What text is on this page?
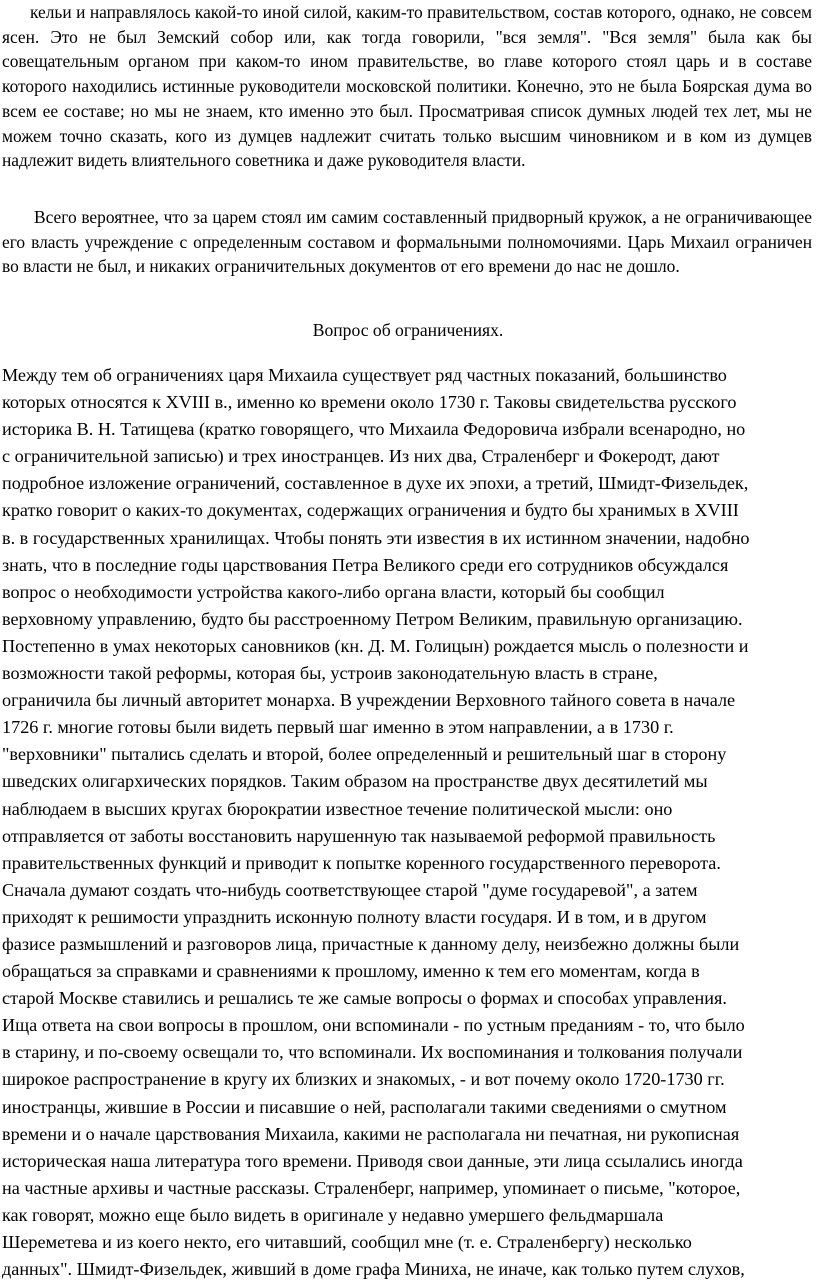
кельи и направлялось какой-то иной силой, каким-то правительством, состав которого, однако, не совсем ясен. Это не был Земский собор или, как тогда говорили, "вся земля". "Вся земля" была как бы совещательным органом при каком-то ином правительстве, во главе которого стоял царь и в составе которого находились истинные руководители московской политики. Конечно, это не была Боярская дума во всем ее составе; но мы не знаем, кто именно это был. Просматривая список думных людей тех лет, мы не можем точно сказать, кого из думцев надлежит считать только высшим чиновником и в ком из думцев надлежит видеть влиятельного советника и даже руководителя власти.

Всего вероятнее, что за царем стоял им самим составленный придворный кружок, а не ограничивающее его власть учреждение с определенным составом и формальными полномочиями. Царь Михаил ограничен во власти не был, и никаких ограничительных документов от его времени до нас не дошло.

Вопрос об ограничениях.
Между тем об ограничениях царя Михаила существует ряд частных показаний, большинство
которых относятся к XVIII в., именно ко времени около 1730 г. Таковы свидетельства русского
историка В. Н. Татищева (кратко говорящего, что Михаила Федоровича избрали всенародно, но
с ограничительной записью) и трех иностранцев. Из них два, Страленберг и Фокеродт, дают
подробное изложение ограничений, составленное в духе их эпохи, а третий, Шмидт-Физельдек,
кратко говорит о каких-то документах, содержащих ограничения и будто бы хранимых в XVIII
в. в государственных хранилищах. Чтобы понять эти известия в их истинном значении, надобно
знать, что в последние годы царствования Петра Великого среди его сотрудников обсуждался
вопрос о необходимости устройства какого-либо органа власти, который бы сообщил
верховному управлению, будто бы расстроенному Петром Великим, правильную организацию.
Постепенно в умах некоторых сановников (кн. Д. М. Голицын) рождается мысль о полезности и
возможности такой реформы, которая бы, устроив законодательную власть в стране,
ограничила бы личный авторитет монарха. В учреждении Верховного тайного совета в начале
1726 г. многие готовы были видеть первый шаг именно в этом направлении, а в 1730 г.
"верховники" пытались сделать и второй, более определенный и решительный шаг в сторону
шведских олигархических порядков. Таким образом на пространстве двух десятилетий мы
наблюдаем в высших кругах бюрократии известное течение политической мысли: оно
отправляется от заботы восстановить нарушенную так называемой реформой правильность
правительственных функций и приводит к попытке коренного государственного переворота.
Сначала думают создать что-нибудь соответствующее старой "думе государевой", а затем
приходят к решимости упразднить исконную полноту власти государя. И в том, и в другом
фазисе размышлений и разговоров лица, причастные к данному делу, неизбежно должны были
обращаться за справками и сравнениями к прошлому, именно к тем его моментам, когда в
старой Москве ставились и решались те же самые вопросы о формах и способах управления.
Ища ответа на свои вопросы в прошлом, они вспоминали - по устным преданиям - то, что было
в старину, и по-своему освещали то, что вспоминали. Их воспоминания и толкования получали
широкое распространение в кругу их близких и знакомых, - и вот почему около 1720-1730 гг.
иностранцы, жившие в России и писавшие о ней, располагали такими сведениями о смутном
времени и о начале царствования Михаила, какими не располагала ни печатная, ни рукописная
историческая наша литература того времени. Приводя свои данные, эти лица ссылались иногда
на частные архивы и частные рассказы. Страленберг, например, упоминает о письме, "которое,
как говорят, можно еще было видеть в оригинале у недавно умершего фельдмаршала
Шереметева и из коего некто, его читавший, сообщил мне (т. е. Страленбергу) несколько
данных". Шмидт-Физельдек, живший в доме графа Миниха, не иначе, как только путем слухов,
